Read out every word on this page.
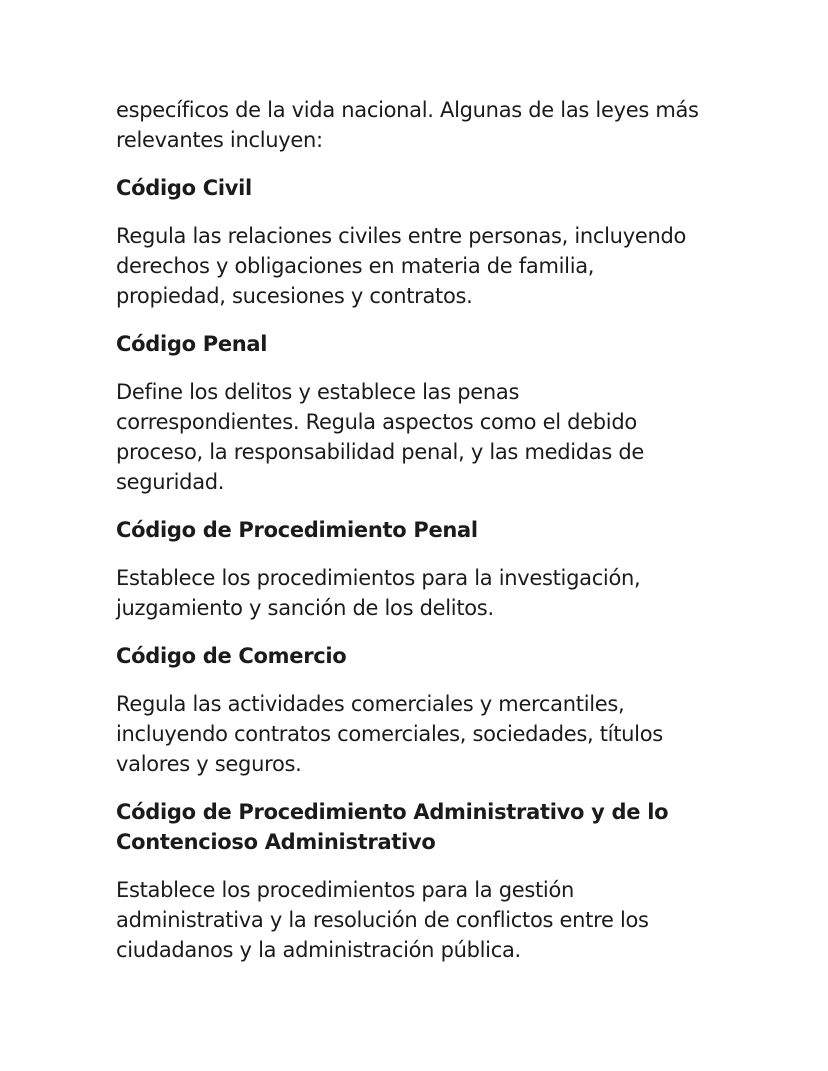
específicos de la vida nacional. Algunas de las leyes más
relevantes incluyen:

Código Civil

Regula las relaciones civiles entre personas, incluyendo
derechos y obligaciones en materia de familia,
propiedad, sucesiones y contratos.

Código Penal

Define los delitos y establece las penas
correspondientes. Regula aspectos como el debido
proceso, la responsabilidad penal, y las medidas de
seguridad.

Código de Procedimiento Penal

Establece los procedimientos para la investigación,
juzgamiento y sanción de los delitos.

Código de Comercio

Regula las actividades comerciales y mercantiles,
incluyendo contratos comerciales, sociedades, títulos
valores y seguros.

Código de Procedimiento Administrativo y de lo
Contencioso Administrativo

Establece los procedimientos para la gestión
administrativa y la resolución de conflictos entre los
ciudadanos y la administración pública.
